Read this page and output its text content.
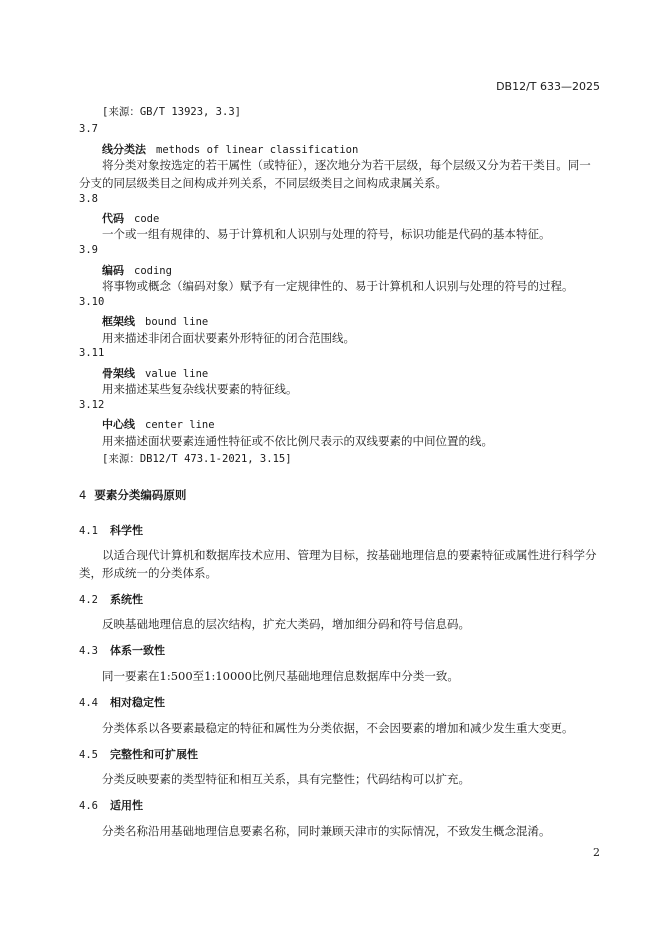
DB12/T 633—2025
[来源：GB/T 13923, 3.3]
3.7
线分类法 methods of linear classification
将分类对象按选定的若干属性（或特征），逐次地分为若干层级，每个层级又分为若干类目。同一
分支的同层级类目之间构成并列关系，不同层级类目之间构成隶属关系。
3.8
代码 code
一个或一组有规律的、易于计算机和人识别与处理的符号，标识功能是代码的基本特征。
3.9
编码 coding
将事物或概念（编码对象）赋予有一定规律性的、易于计算机和人识别与处理的符号的过程。
3.10
框架线 bound line
用来描述非闭合面状要素外形特征的闭合范围线。
3.11
骨架线 value line
用来描述某些复杂线状要素的特征线。
3.12
中心线 center line
用来描述面状要素连通性特征或不依比例尺表示的双线要素的中间位置的线。
[来源：DB12/T 473.1-2021, 3.15]
4 要素分类编码原则
4.1 科学性
以适合现代计算机和数据库技术应用、管理为目标，按基础地理信息的要素特征或属性进行科学分
类，形成统一的分类体系。
4.2 系统性
反映基础地理信息的层次结构，扩充大类码，增加细分码和符号信息码。
4.3 体系一致性
同一要素在1:500至1:10000比例尺基础地理信息数据库中分类一致。
4.4 相对稳定性
分类体系以各要素最稳定的特征和属性为分类依据，不会因要素的增加和减少发生重大变更。
4.5 完整性和可扩展性
分类反映要素的类型特征和相互关系，具有完整性；代码结构可以扩充。
4.6 适用性
分类名称沿用基础地理信息要素名称，同时兼顾天津市的实际情况，不致发生概念混淆。
2
